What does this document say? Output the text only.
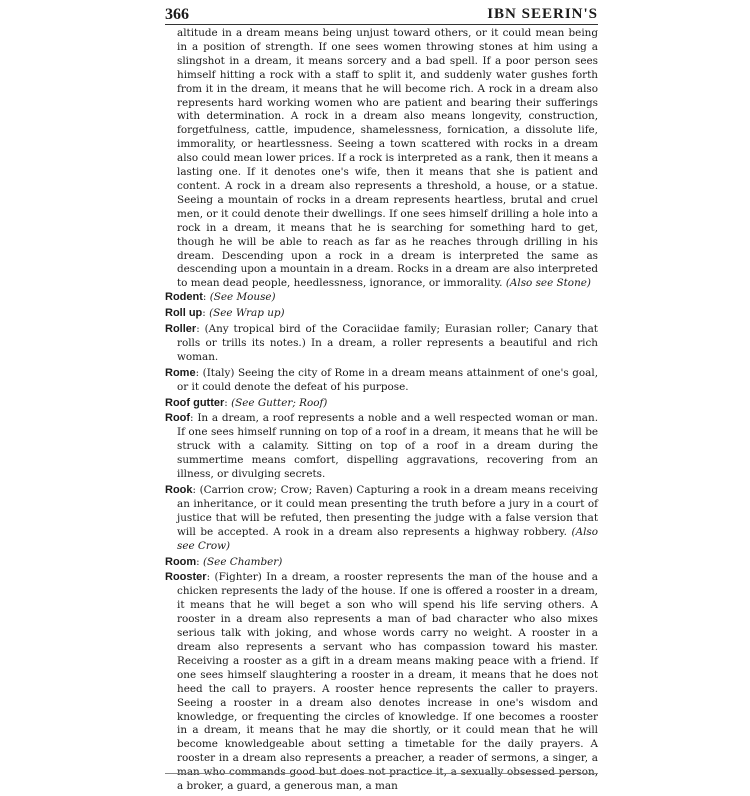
366	IBN SEERIN'S

altitude in a dream means being unjust toward others, or it could mean being in a position of strength. If one sees women throwing stones at him using a slingshot in a dream, it means sorcery and a bad spell. If a poor person sees himself hitting a rock with a staff to split it, and suddenly water gushes forth from it in the dream, it means that he will become rich. A rock in a dream also represents hard working women who are patient and bearing their sufferings with determination. A rock in a dream also means longevity, construction, forgetfulness, cattle, impudence, shamelessness, fornication, a dissolute life, immorality, or heartlessness. Seeing a town scattered with rocks in a dream also could mean lower prices. If a rock is interpreted as a rank, then it means a lasting one. If it denotes one's wife, then it means that she is patient and content. A rock in a dream also represents a threshold, a house, or a statue. Seeing a mountain of rocks in a dream represents heartless, brutal and cruel men, or it could denote their dwellings. If one sees himself drilling a hole into a rock in a dream, it means that he is searching for something hard to get, though he will be able to reach as far as he reaches through drilling in his dream. Descending upon a rock in a dream is interpreted the same as descending upon a mountain in a dream. Rocks in a dream are also interpreted to mean dead people, heedlessness, ignorance, or immorality. (Also see Stone)

Rodent: (See Mouse)

Roll up: (See Wrap up)

Roller: (Any tropical bird of the Coraciidae family; Eurasian roller; Canary that rolls or trills its notes.) In a dream, a roller represents a beautiful and rich woman.

Rome: (Italy) Seeing the city of Rome in a dream means attainment of one's goal, or it could denote the defeat of his purpose.

Roof gutter: (See Gutter; Roof)

Roof: In a dream, a roof represents a noble and a well respected woman or man. If one sees himself running on top of a roof in a dream, it means that he will be struck with a calamity. Sitting on top of a roof in a dream during the summertime means comfort, dispelling aggravations, recovering from an illness, or divulging secrets.

Rook: (Carrion crow; Crow; Raven) Capturing a rook in a dream means receiving an inheritance, or it could mean presenting the truth before a jury in a court of justice that will be refuted, then presenting the judge with a false version that will be accepted. A rook in a dream also represents a highway robbery. (Also see Crow)

Room: (See Chamber)

Rooster: (Fighter) In a dream, a rooster represents the man of the house and a chicken represents the lady of the house. If one is offered a rooster in a dream, it means that he will beget a son who will spend his life serving others. A rooster in a dream also represents a man of bad character who also mixes serious talk with joking, and whose words carry no weight. A rooster in a dream also represents a servant who has compassion toward his master. Receiving a rooster as a gift in a dream means making peace with a friend. If one sees himself slaughtering a rooster in a dream, it means that he does not heed the call to prayers. A rooster hence represents the caller to prayers. Seeing a rooster in a dream also denotes increase in one's wisdom and knowledge, or frequenting the circles of knowledge. If one becomes a rooster in a dream, it means that he may die shortly, or it could mean that he will become knowledgeable about setting a timetable for the daily prayers. A rooster in a dream also represents a preacher, a reader of sermons, a singer, a man who commands good but does not practice it, a sexually obsessed person, a broker, a guard, a generous man, a man
